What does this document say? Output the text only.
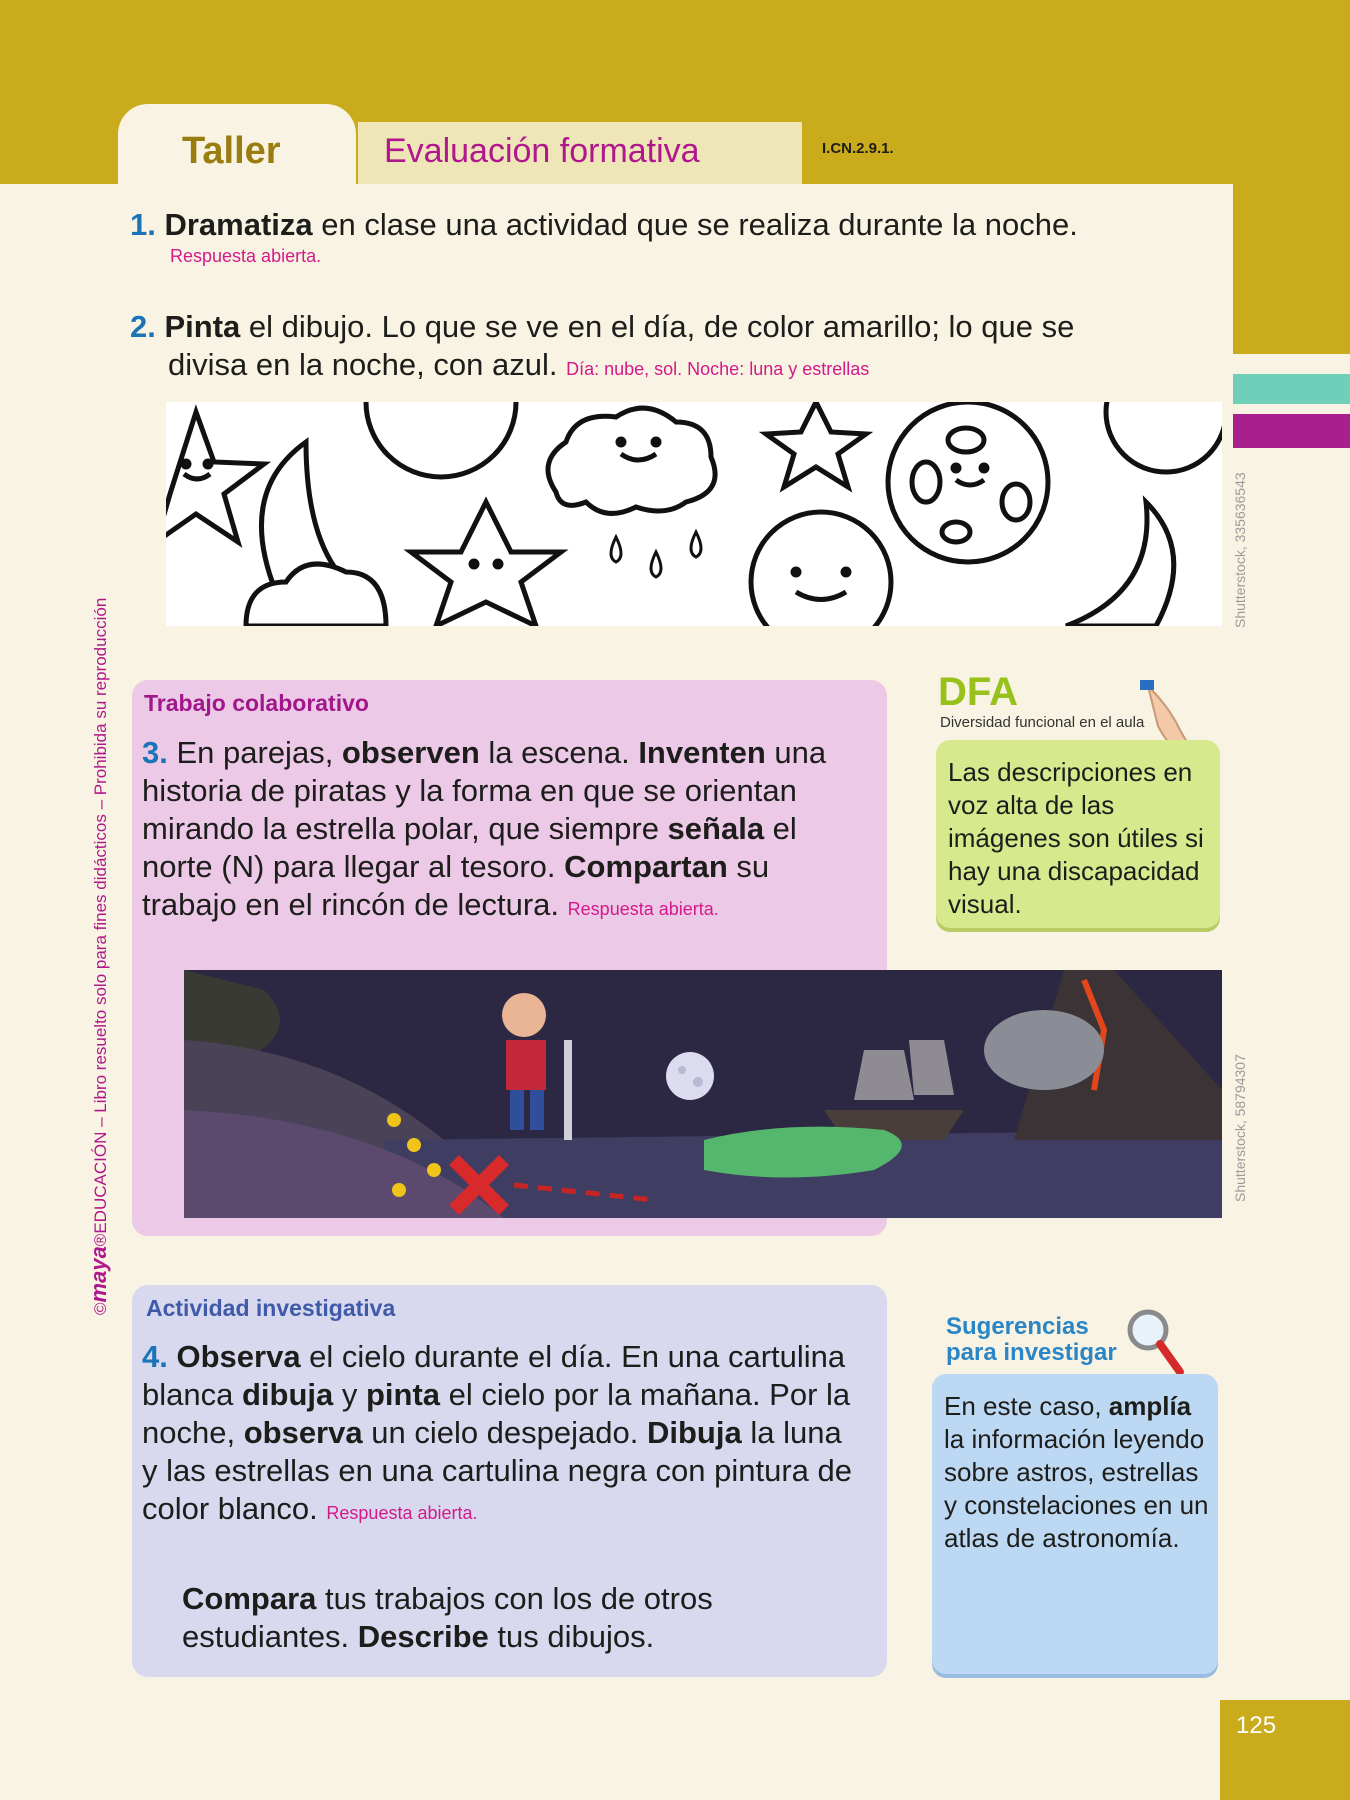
Taller	Evaluación formativa	I.CN.2.9.1.
©maya®EDUCACIÓN – Libro resuelto solo para fines didácticos – Prohibida su reproducción
Shutterstock, 335636543
Shutterstock, 58794307
1. Dramatiza en clase una actividad que se realiza durante la noche.
Respuesta abierta.
2. Pinta el dibujo. Lo que se ve en el día, de color amarillo; lo que se
divisa en la noche, con azul. Día: nube, sol. Noche: luna y estrellas
Trabajo colaborativo
3. En parejas, observen la escena. Inventen una historia de piratas y la forma en que se orientan mirando la estrella polar, que siempre señala el norte (N) para llegar al tesoro. Compartan su trabajo en el rincón de lectura. Respuesta abierta.
DFA
Diversidad funcional en el aula

Las descripciones en voz alta de las imágenes son útiles si hay una discapacidad visual.

Actividad investigativa
4. Observa el cielo durante el día. En una cartulina blanca dibuja y pinta el cielo por la mañana. Por la noche, observa un cielo despejado. Dibuja la luna y las estrellas en una cartulina negra con pintura de color blanco. Respuesta abierta.
Compara tus trabajos con los de otros estudiantes. Describe tus dibujos.
Sugerencias
para investigar

En este caso, amplía la información leyendo sobre astros, estrellas y constelaciones en un atlas de astronomía.

125
